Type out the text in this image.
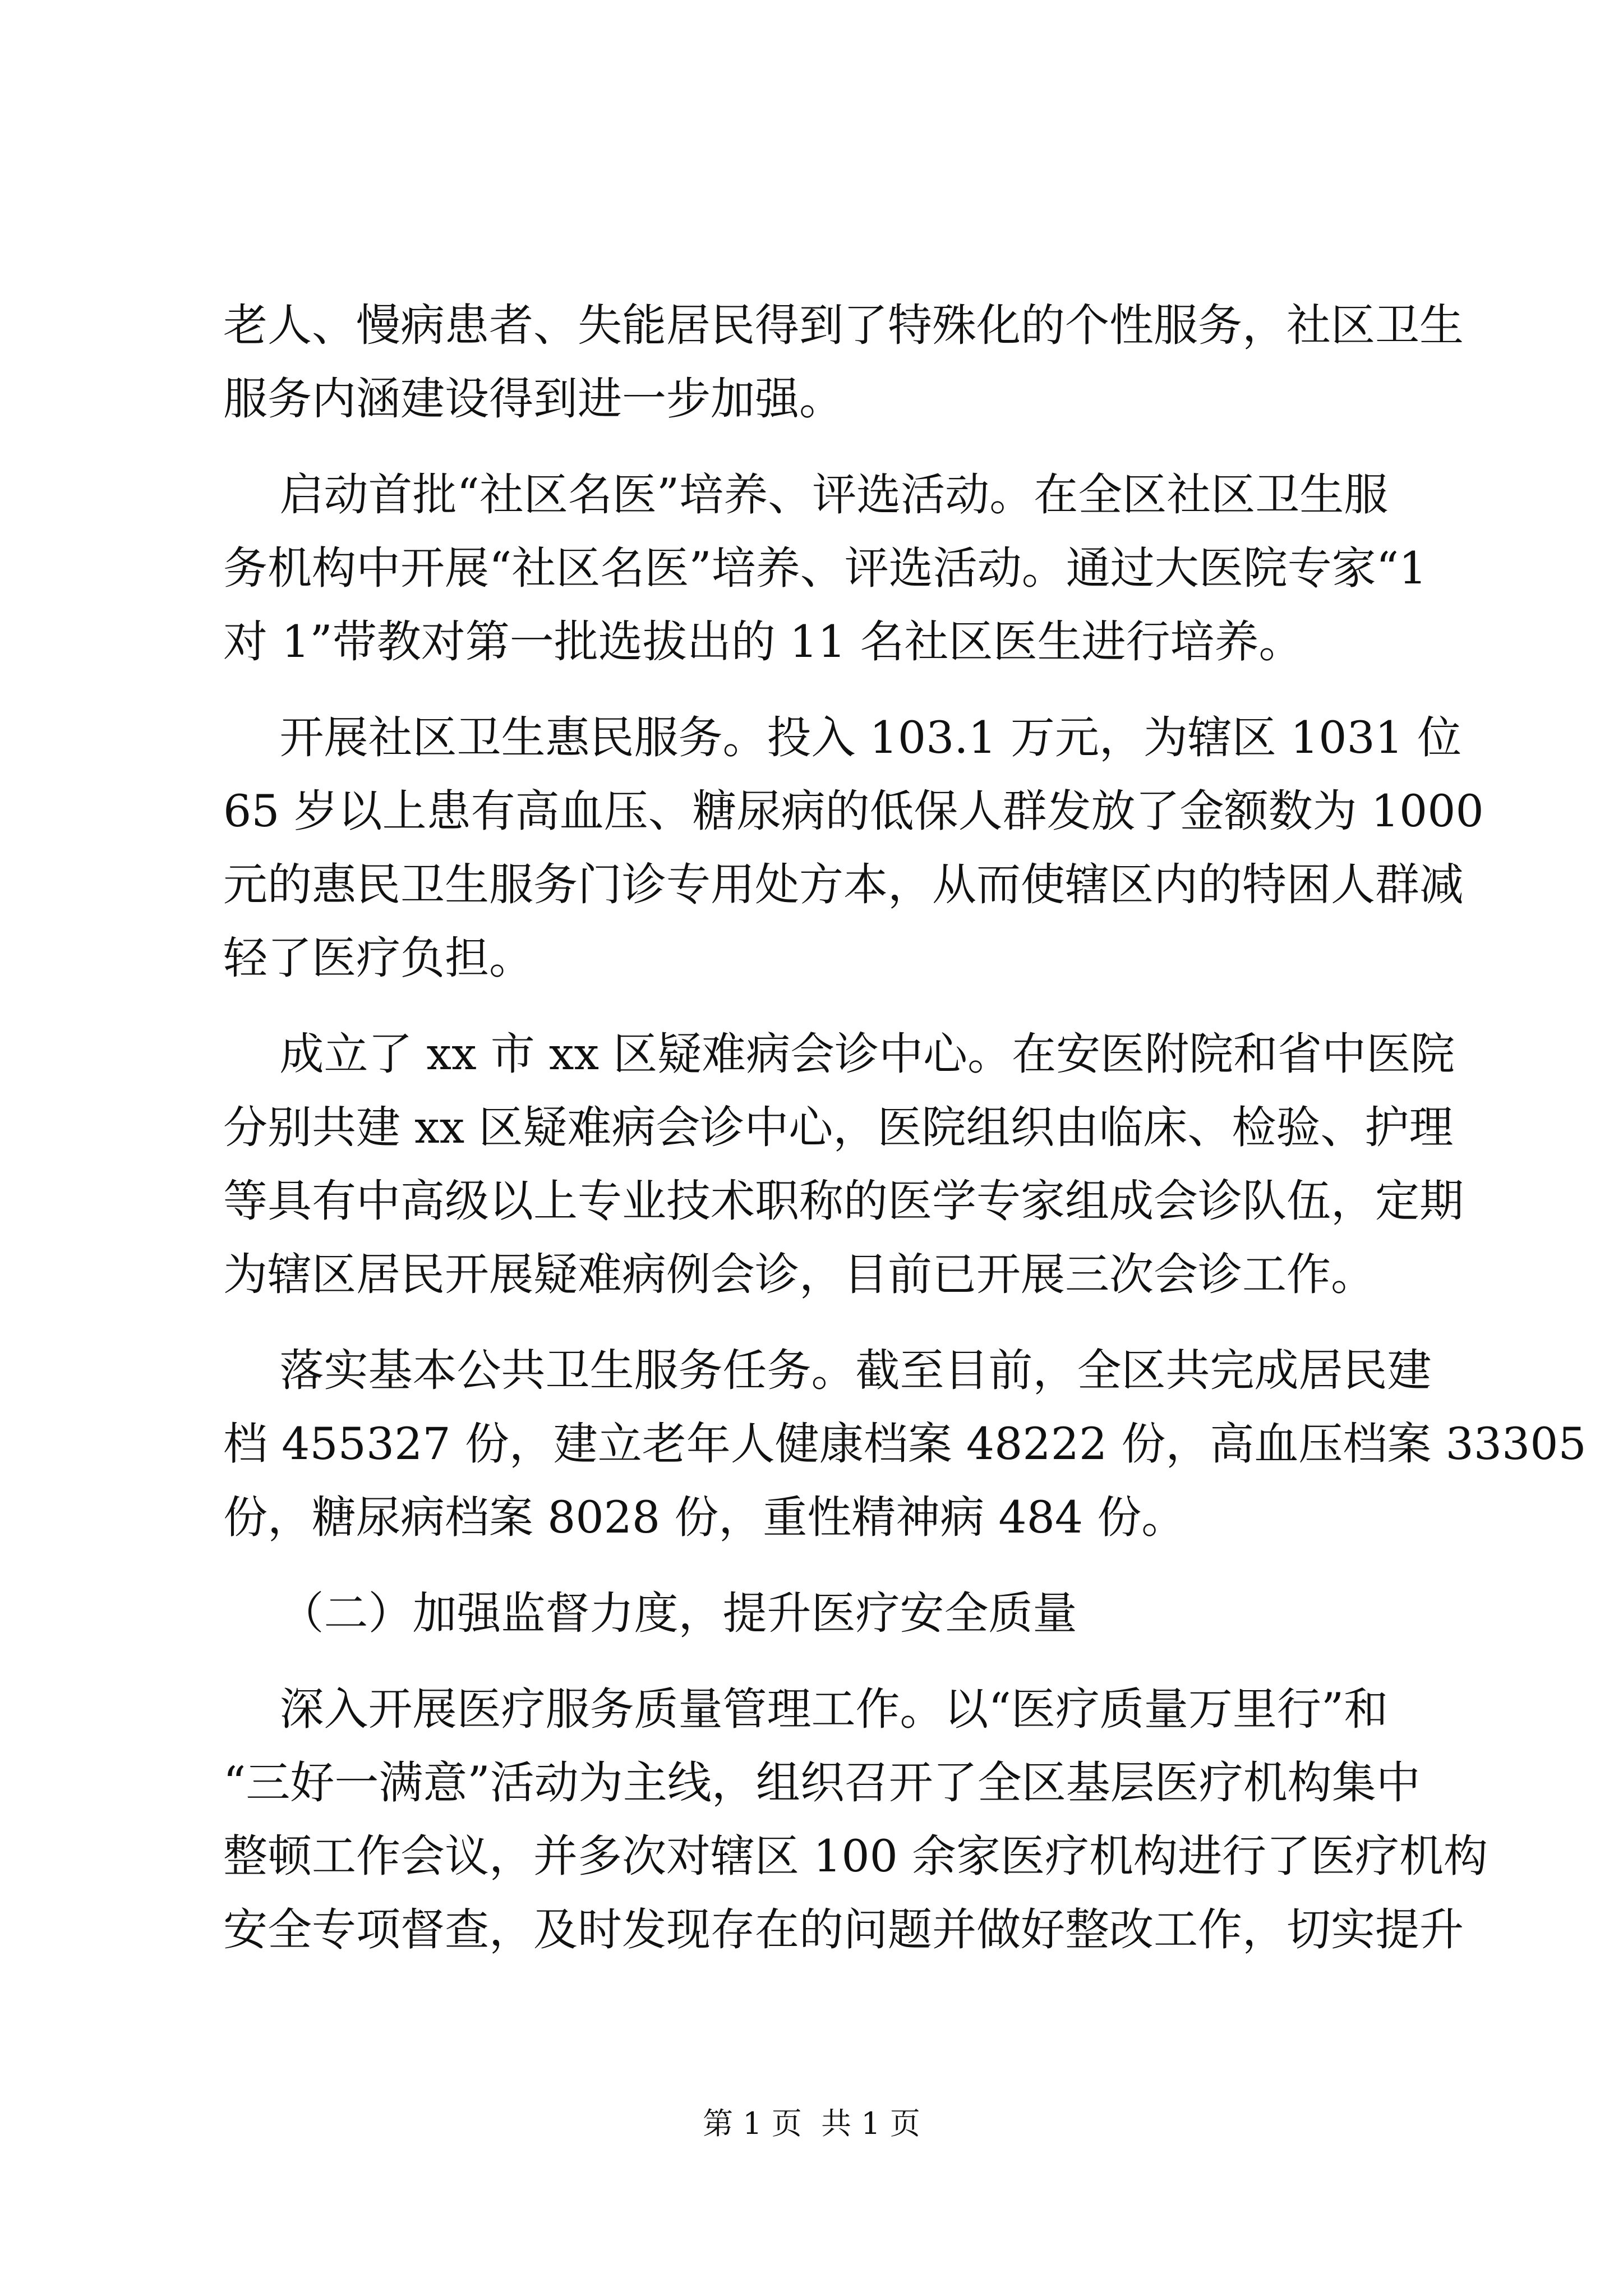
老人、慢病患者、失能居民得到了特殊化的个性服务，社区卫生
服务内涵建设得到进一步加强。
启动首批“社区名医”培养、评选活动。在全区社区卫生服
务机构中开展“社区名医”培养、评选活动。通过大医院专家“1
对 1”带教对第一批选拔出的 11 名社区医生进行培养。
开展社区卫生惠民服务。投入 103.1 万元，为辖区 1031 位
65 岁以上患有高血压、糖尿病的低保人群发放了金额数为 1000
元的惠民卫生服务门诊专用处方本，从而使辖区内的特困人群减
轻了医疗负担。
成立了 xx 市 xx 区疑难病会诊中心。在安医附院和省中医院
分别共建 xx 区疑难病会诊中心，医院组织由临床、检验、护理
等具有中高级以上专业技术职称的医学专家组成会诊队伍，定期
为辖区居民开展疑难病例会诊，目前已开展三次会诊工作。
落实基本公共卫生服务任务。截至目前，全区共完成居民建
档 455327 份，建立老年人健康档案 48222 份，高血压档案 33305
份，糖尿病档案 8028 份，重性精神病 484 份。
（二）加强监督力度，提升医疗安全质量
深入开展医疗服务质量管理工作。以“医疗质量万里行”和
“三好一满意”活动为主线，组织召开了全区基层医疗机构集中
整顿工作会议，并多次对辖区 100 余家医疗机构进行了医疗机构
安全专项督查，及时发现存在的问题并做好整改工作，切实提升
第 1 页  共 1 页
